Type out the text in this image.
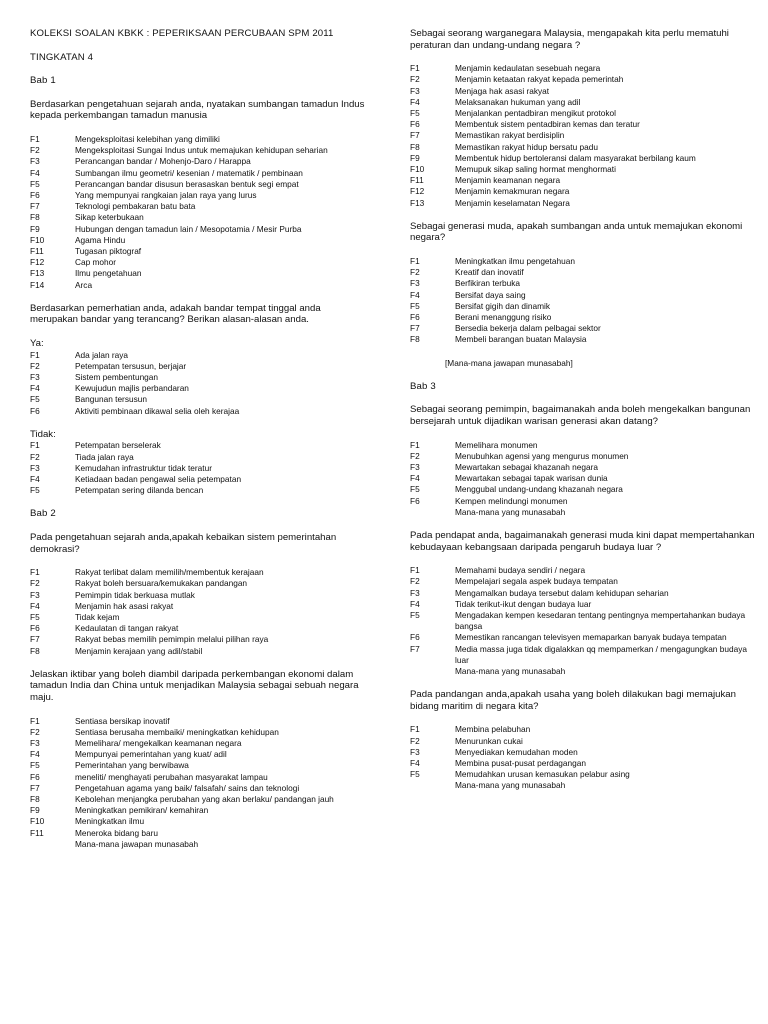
KOLEKSI SOALAN KBKK : PEPERIKSAAN PERCUBAAN SPM 2011
TINGKATAN 4
Bab 1
Berdasarkan pengetahuan sejarah anda, nyatakan sumbangan tamadun Indus kepada perkembangan tamadun manusia
F1	Mengeksploitasi kelebihan yang dimiliki
F2	Mengeksploitasi Sungai Indus untuk memajukan kehidupan seharian
F3	Perancangan bandar / Mohenjo-Daro / Harappa
F4	Sumbangan ilmu geometri/ kesenian / matematik / pembinaan
F5	Perancangan bandar disusun berasaskan bentuk segi empat
F6	Yang mempunyai rangkaian jalan raya yang lurus
F7	Teknologi pembakaran batu bata
F8	Sikap keterbukaan
F9	Hubungan dengan tamadun lain / Mesopotamia / Mesir Purba
F10	Agama Hindu
F11	Tugasan piktograf
F12	Cap mohor
F13	Ilmu pengetahuan
F14	Arca
Berdasarkan pemerhatian anda, adakah bandar tempat tinggal anda merupakan bandar yang terancang? Berikan alasan-alasan anda.
Ya:
F1	Ada jalan raya
F2	Petempatan tersusun, berjajar
F3	Sistem pembentungan
F4	Kewujudun majlis perbandaran
F5	Bangunan tersusun
F6	Aktiviti pembinaan dikawal selia oleh kerajaa
Tidak:
F1	Petempatan berselerak
F2	Tiada jalan raya
F3	Kemudahan infrastruktur tidak teratur
F4	Ketiadaan badan pengawal selia petempatan
F5	Petempatan sering dilanda bencan
Bab 2
Pada pengetahuan sejarah anda,apakah kebaikan sistem pemerintahan demokrasi?
F1	Rakyat terlibat dalam memilih/membentuk kerajaan
F2	Rakyat boleh bersuara/kemukakan pandangan
F3	Pemimpin tidak berkuasa mutlak
F4	Menjamin hak asasi rakyat
F5	Tidak kejam
F6	Kedaulatan di tangan rakyat
F7	Rakyat bebas memilih pemimpin melalui pilihan raya
F8	Menjamin kerajaan yang adil/stabil
Jelaskan iktibar yang boleh diambil daripada perkembangan ekonomi dalam tamadun India dan China untuk menjadikan Malaysia sebagai sebuah negara maju.
F1	Sentiasa bersikap inovatif
F2	Sentiasa berusaha membaiki/ meningkatkan kehidupan
F3	Memelihara/ mengekalkan keamanan negara
F4	Mempunyai pemerintahan yang kuat/ adil
F5	Pemerintahan yang berwibawa
F6	meneliti/ menghayati perubahan masyarakat lampau
F7	Pengetahuan agama yang baik/ falsafah/ sains dan teknologi
F8	Kebolehan menjangka perubahan yang akan berlaku/ pandangan jauh
F9	Meningkatkan pemikiran/ kemahiran
F10	Meningkatkan ilmu
F11	Meneroka bidang baru
Mana-mana jawapan munasabah
Sebagai seorang warganegara Malaysia, mengapakah kita perlu mematuhi peraturan dan undang-undang negara ?
F1	Menjamin kedaulatan sesebuah negara
F2	Menjamin ketaatan rakyat kepada pemerintah
F3	Menjaga hak asasi rakyat
F4	Melaksanakan hukuman yang adil
F5	Menjalankan pentadbiran mengikut protokol
F6	Membentuk sistem pentadbiran kemas dan teratur
F7	Memastikan rakyat berdisiplin
F8	Memastikan rakyat hidup bersatu padu
F9	Membentuk hidup bertoleransi dalam masyarakat berbilang kaum
F10	Memupuk sikap saling hormat menghormati
F11	Menjamin keamanan negara
F12	Menjamin kemakmuran negara
F13	Menjamin keselamatan Negara
Sebagai generasi muda, apakah sumbangan anda untuk memajukan ekonomi negara?
F1	Meningkatkan ilmu pengetahuan
F2	Kreatif dan inovatif
F3	Berfikiran terbuka
F4	Bersifat daya saing
F5	Bersifat gigih dan dinamik
F6	Berani menanggung risiko
F7	Bersedia bekerja dalam pelbagai sektor
F8	Membeli barangan buatan Malaysia
[Mana-mana jawapan munasabah]
Bab 3
Sebagai seorang pemimpin, bagaimanakah anda boleh mengekalkan bangunan bersejarah untuk dijadikan warisan generasi akan datang?
F1	Memelihara monumen
F2	Menubuhkan agensi yang mengurus monumen
F3	Mewartakan sebagai khazanah negara
F4	Mewartakan sebagai tapak warisan dunia
F5	Menggubal undang-undang khazanah negara
F6	Kempen melindungi monumen
Mana-mana yang munasabah
Pada pendapat anda, bagaimanakah generasi muda kini dapat mempertahankan kebudayaan kebangsaan daripada pengaruh budaya luar ?
F1	Memahami budaya sendiri / negara
F2	Mempelajari segala aspek budaya tempatan
F3	Mengamalkan budaya tersebut dalam kehidupan seharian
F4	Tidak terikut-ikut dengan budaya luar
F5	Mengadakan kempen kesedaran tentang pentingnya mempertahankan budaya bangsa
F6	Memestikan rancangan televisyen memaparkan banyak budaya tempatan
F7	Media massa juga tidak digalakkan qq mempamerkan / mengagungkan budaya luar
Mana-mana yang munasabah
Pada pandangan anda,apakah usaha yang boleh dilakukan bagi memajukan bidang maritim di negara kita?
F1	Membina pelabuhan
F2	Menurunkan cukai
F3	Menyediakan kemudahan moden
F4	Membina pusat-pusat perdagangan
F5	Memudahkan urusan kemasukan pelabur asing
Mana-mana yang munasabah
